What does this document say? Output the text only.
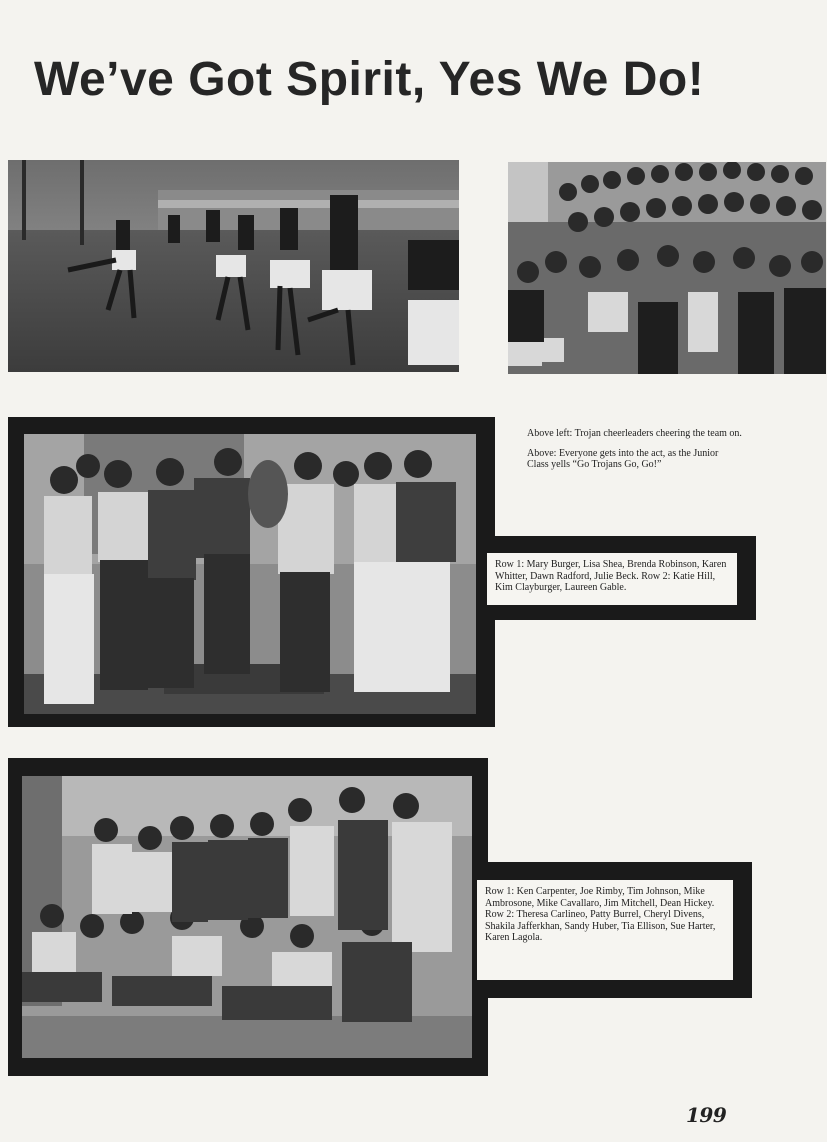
We’ve Got Spirit, Yes We Do!

Above left: Trojan cheerleaders cheering the team on.

Above: Everyone gets into the act, as the Junior Class yells “Go Trojans Go, Go!”

Row 1: Mary Burger, Lisa Shea, Brenda Robinson, Karen Whitter, Dawn Radford, Julie Beck. Row 2: Katie Hill, Kim Clayburger, Laureen Gable.
Row 1: Ken Carpenter, Joe Rimby, Tim Johnson, Mike Ambrosone, Mike Cavallaro, Jim Mitchell, Dean Hickey. Row 2: Theresa Carlineo, Patty Burrel, Cheryl Divens, Shakila Jafferkhan, Sandy Huber, Tia Ellison, Sue Harter, Karen Lagola.
199
